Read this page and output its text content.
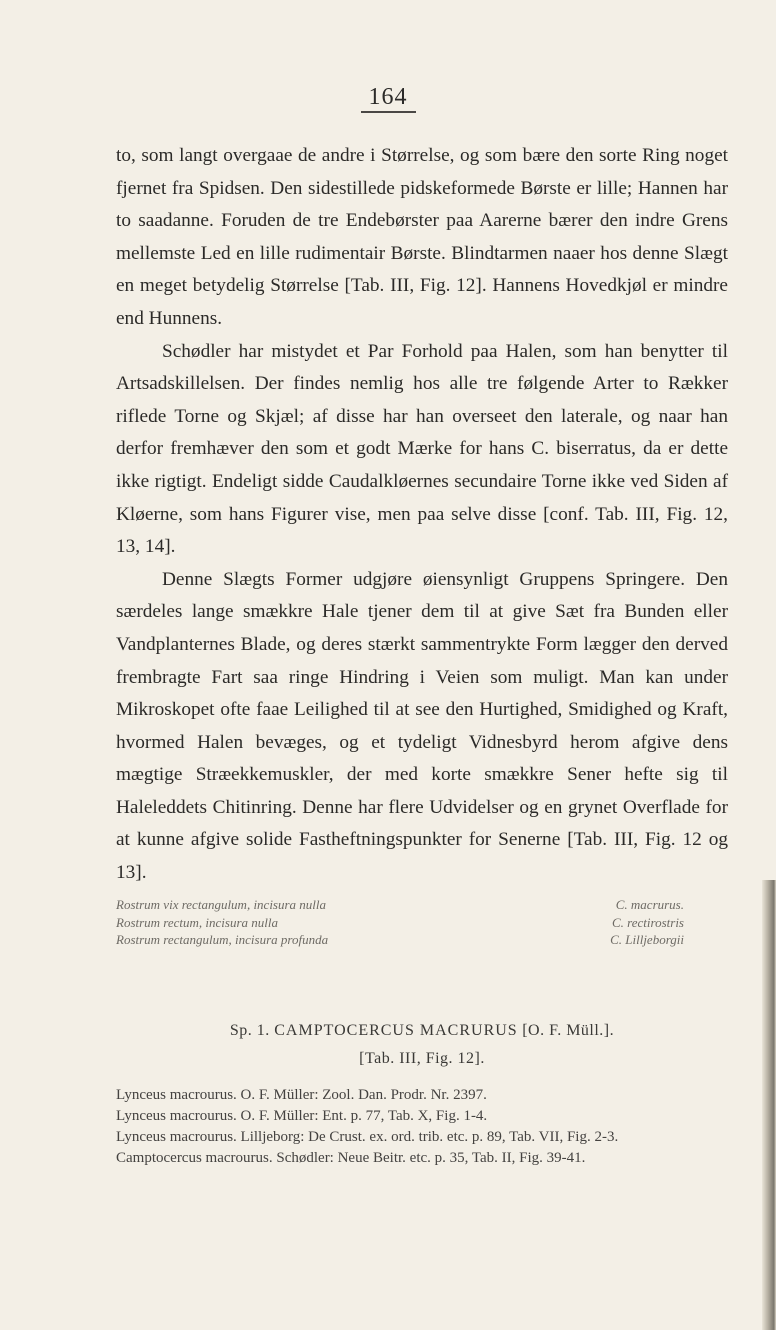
164

to, som langt overgaae de andre i Størrelse, og som bære den sorte Ring noget fjernet fra Spidsen. Den sidestillede pidskeformede Børste er lille; Hannen har to saadanne. Foruden de tre Endebørster paa Aarerne bærer den indre Grens mellemste Led en lille rudimentair Børste. Blindtarmen naaer hos denne Slægt en meget betydelig Størrelse [Tab. III, Fig. 12]. Hannens Hovedkjøl er mindre end Hunnens.

Schødler har mistydet et Par Forhold paa Halen, som han benytter til Artsadskillelsen. Der findes nemlig hos alle tre følgende Arter to Rækker riflede Torne og Skjæl; af disse har han overseet den laterale, og naar han derfor fremhæver den som et godt Mærke for hans C. biserratus, da er dette ikke rigtigt. Endeligt sidde Caudalkløernes secundaire Torne ikke ved Siden af Kløerne, som hans Figurer vise, men paa selve disse [conf. Tab. III, Fig. 12, 13, 14].

Denne Slægts Former udgjøre øiensynligt Gruppens Springere. Den særdeles lange smækkre Hale tjener dem til at give Sæt fra Bunden eller Vandplanternes Blade, og deres stærkt sammentrykte Form lægger den derved frembragte Fart saa ringe Hindring i Veien som muligt. Man kan under Mikroskopet ofte faae Leilighed til at see den Hurtighed, Smidighed og Kraft, hvormed Halen bevæges, og et tydeligt Vidnesbyrd herom afgive dens mægtige Stræekkemuskler, der med korte smækkre Sener hefte sig til Haleleddets Chitinring. Denne har flere Udvidelser og en grynet Overflade for at kunne afgive solide Fastheftningspunkter for Senerne [Tab. III, Fig. 12 og 13].

Rostrum vix rectangulum, incisura nulla	C. macrurus.
Rostrum rectum, incisura nulla	C. rectirostris
Rostrum rectangulum, incisura profunda	C. Lilljeborgii
Sp. 1. CAMPTOCERCUS MACRURUS [O. F. Müll.].
[Tab. III, Fig. 12].
Lynceus macrourus. O. F. Müller: Zool. Dan. Prodr. Nr. 2397.
Lynceus macrourus. O. F. Müller: Ent. p. 77, Tab. X, Fig. 1-4.
Lynceus macrourus. Lilljeborg: De Crust. ex. ord. trib. etc. p. 89, Tab. VII, Fig. 2-3.
Camptocercus macrourus. Schødler: Neue Beitr. etc. p. 35, Tab. II, Fig. 39-41.
